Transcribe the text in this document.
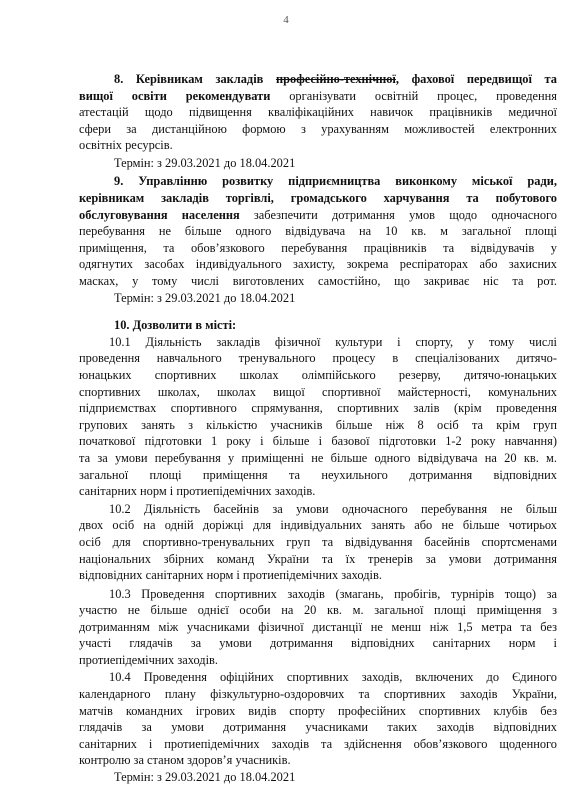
4
8. Керівникам закладів професійно-технічної, фахової передвищої та
вищої освіти рекомендувати організувати освітній процес, проведення
атестацій щодо підвищення кваліфікаційних навичок працівників медичної
сфери за дистанційною формою з урахуванням можливостей електронних
освітніх ресурсів.
Термін: з 29.03.2021 до 18.04.2021
9. Управлінню розвитку підприємництва виконкому міської ради,
керівникам закладів торгівлі, громадського харчування та побутового
обслуговування населення забезпечити дотримання умов щодо одночасного
перебування не більше одного відвідувача на 10 кв. м загальної площі
приміщення, та обов’язкового перебування працівників та відвідувачів у
одягнутих засобах індивідуального захисту, зокрема респіраторах або захисних
масках, у тому числі виготовлених самостійно, що закриває ніс та рот.
Термін: з 29.03.2021 до 18.04.2021
10. Дозволити в місті:
10.1 Діяльність закладів фізичної культури і спорту, у тому числі
проведення навчального тренувального процесу в спеціалізованих дитячо-
юнацьких спортивних школах олімпійського резерву, дитячо-юнацьких
спортивних школах, школах вищої спортивної майстерності, комунальних
підприємствах спортивного спрямування, спортивних залів (крім проведення
групових занять з кількістю учасників більше ніж 8 осіб та крім груп
початкової підготовки 1 року і більше і базової підготовки 1-2 року навчання)
та за умови перебування у приміщенні не більше одного відвідувача на 20 кв. м.
загальної площі приміщення та неухильного дотримання відповідних
санітарних норм і протиепідемічних заходів.
10.2 Діяльність басейнів за умови одночасного перебування не більш
двох осіб на одній доріжці для індивідуальних занять або не більше чотирьох
осіб для спортивно-тренувальних груп та відвідування басейнів спортсменами
національних збірних команд України та їх тренерів за умови дотримання
відповідних санітарних норм і протиепідемічних заходів.
10.3 Проведення спортивних заходів (змагань, пробігів, турнірів тощо) за
участю не більше однієї особи на 20 кв. м. загальної площі приміщення з
дотриманням між учасниками фізичної дистанції не менш ніж 1,5 метра та без
участі глядачів за умови дотримання відповідних санітарних норм і
протиепідемічних заходів.
10.4 Проведення офіційних спортивних заходів, включених до Єдиного
календарного плану фізкультурно-оздоровчих та спортивних заходів України,
матчів командних ігрових видів спорту професійних спортивних клубів без
глядачів за умови дотримання учасниками таких заходів відповідних
санітарних і протиепідемічних заходів та здійснення обов’язкового щоденного
контролю за станом здоров’я учасників.
Термін: з 29.03.2021 до 18.04.2021
